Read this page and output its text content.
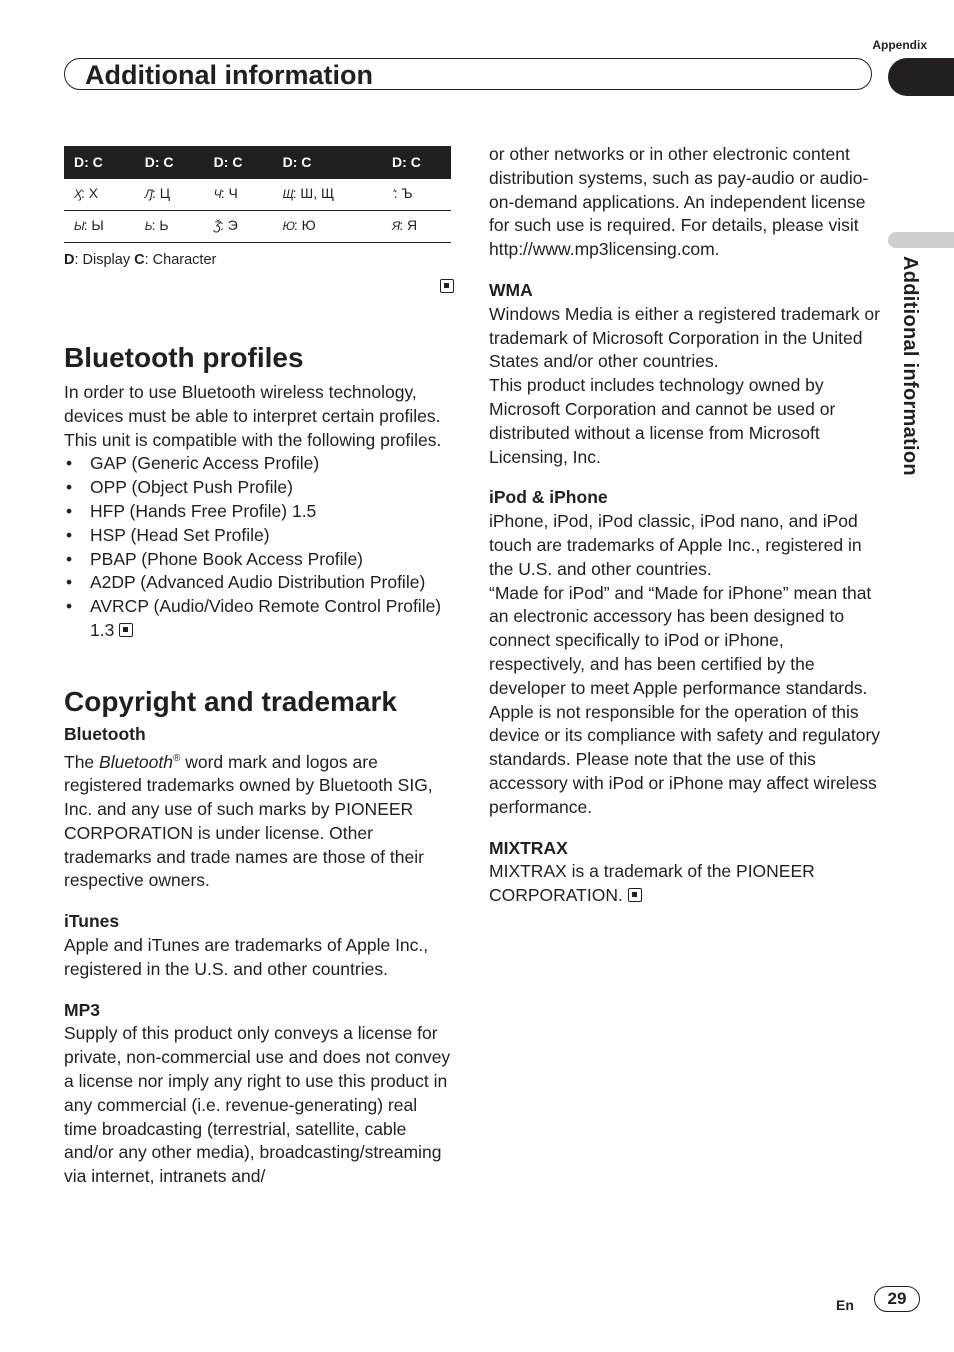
Appendix
Additional information
Additional information
D: C	D: C	D: C	D: C	D: C
Ӽ: Х	Ԓ: Ц	Ч: Ч	Щ: Ш, Щ	ʼ: Ъ
Ы: Ы	Ь: Ь	Ǯ: Э	Ю: Ю	Я: Я
D: Display C: Character
Bluetooth profiles

In order to use Bluetooth wireless technology, devices must be able to interpret certain profiles. This unit is compatible with the following profiles.

• GAP (Generic Access Profile)
• OPP (Object Push Profile)
• HFP (Hands Free Profile) 1.5
• HSP (Head Set Profile)
• PBAP (Phone Book Access Profile)
• A2DP (Advanced Audio Distribution Profile)
• AVRCP (Audio/Video Remote Control Profile) 1.3
Copyright and trademark
Bluetooth

The Bluetooth® word mark and logos are registered trademarks owned by Bluetooth SIG, Inc. and any use of such marks by PIONEER CORPORATION is under license. Other trademarks and trade names are those of their respective owners.

iTunes

Apple and iTunes are trademarks of Apple Inc., registered in the U.S. and other countries.

MP3

Supply of this product only conveys a license for private, non-commercial use and does not convey a license nor imply any right to use this product in any commercial (i.e. revenue-generating) real time broadcasting (terrestrial, satellite, cable and/or any other media), broadcasting/streaming via internet, intranets and/

or other networks or in other electronic content distribution systems, such as pay-audio or audio-on-demand applications. An independent license for such use is required. For details, please visit http://www.mp3licensing.com.

WMA

Windows Media is either a registered trademark or trademark of Microsoft Corporation in the United States and/or other countries.

This product includes technology owned by Microsoft Corporation and cannot be used or distributed without a license from Microsoft Licensing, Inc.

iPod & iPhone

iPhone, iPod, iPod classic, iPod nano, and iPod touch are trademarks of Apple Inc., registered in the U.S. and other countries.

“Made for iPod” and “Made for iPhone” mean that an electronic accessory has been designed to connect specifically to iPod or iPhone, respectively, and has been certified by the developer to meet Apple performance standards. Apple is not responsible for the operation of this device or its compliance with safety and regulatory standards. Please note that the use of this accessory with iPod or iPhone may affect wireless performance.

MIXTRAX

MIXTRAX is a trademark of the PIONEER CORPORATION.

En	29
